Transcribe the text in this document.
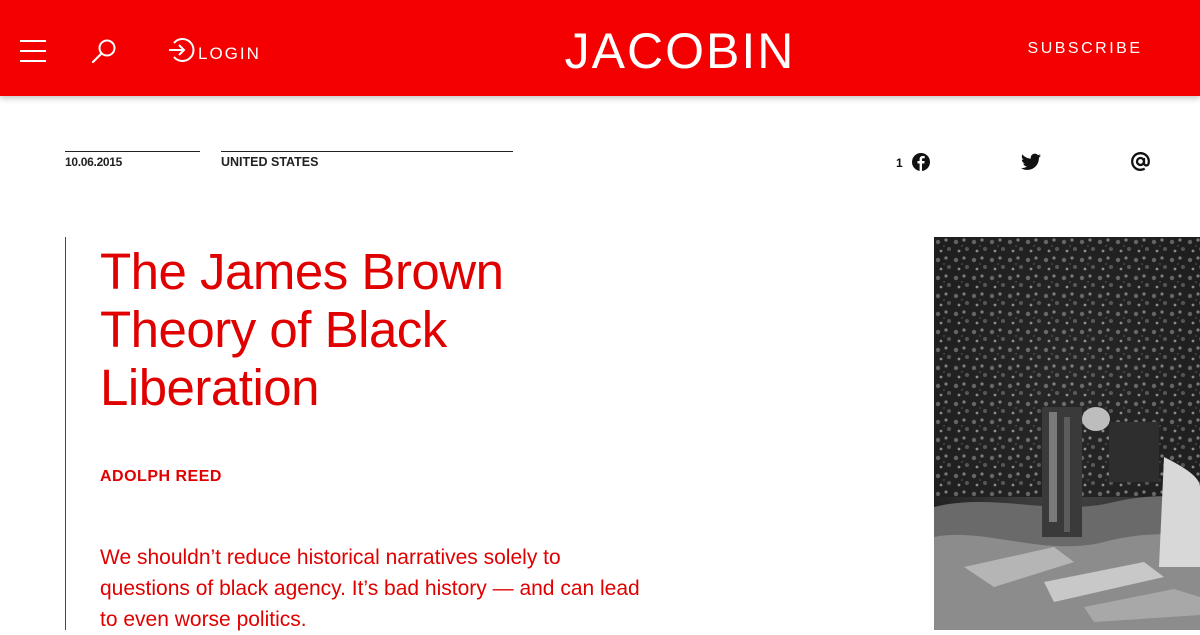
LOGIN	JACOBIN	SUBSCRIBE
10.06.2015	UNITED STATES	1
The James Brown Theory of Black Liberation
ADOLPH REED

We shouldn’t reduce historical narratives solely to questions of black agency. It’s bad history — and can lead to even worse politics.
